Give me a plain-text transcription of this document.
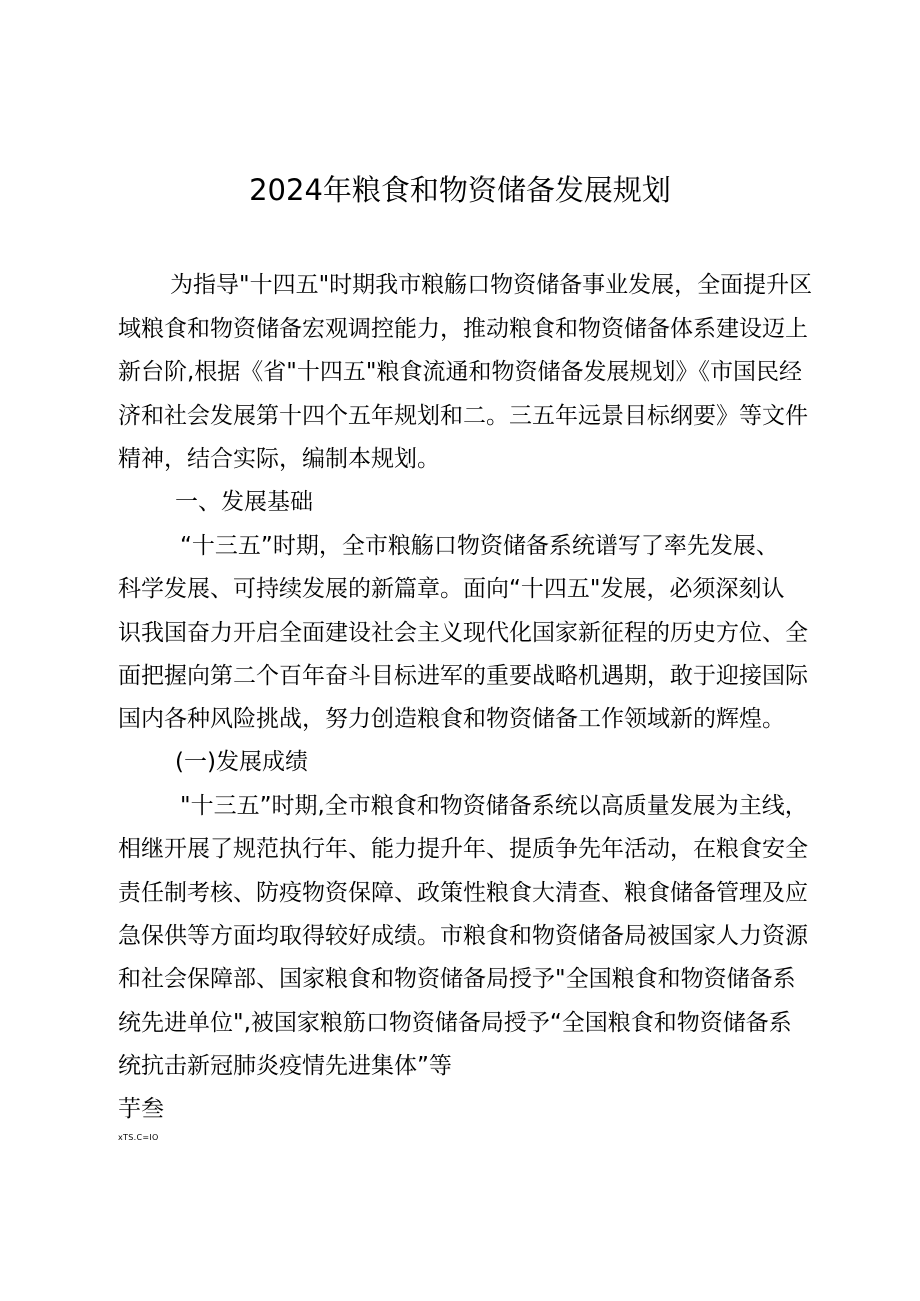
2024年粮食和物资储备发展规划
为指导"十四五"时期我市粮觞口物资储备事业发展，全面提升区
域粮食和物资储备宏观调控能力，推动粮食和物资储备体系建设迈上
新台阶,根据《省"十四五"粮食流通和物资储备发展规划》《市国民经
济和社会发展第十四个五年规划和二。三五年远景目标纲要》等文件
精神，结合实际，编制本规划。
一、发展基础
“十三五”时期，全市粮觞口物资储备系统谱写了率先发展、
科学发展、可持续发展的新篇章。面向“十四五"发展，必须深刻认
识我国奋力开启全面建设社会主义现代化国家新征程的历史方位、全
面把握向第二个百年奋斗目标进军的重要战略机遇期，敢于迎接国际
国内各种风险挑战，努力创造粮食和物资储备工作领域新的辉煌。
(一)发展成绩
"十三五”时期,全市粮食和物资储备系统以高质量发展为主线，
相继开展了规范执行年、能力提升年、提质争先年活动，在粮食安全
责任制考核、防疫物资保障、政策性粮食大清查、粮食储备管理及应
急保供等方面均取得较好成绩。市粮食和物资储备局被国家人力资源
和社会保障部、国家粮食和物资储备局授予"全国粮食和物资储备系
统先进单位",被国家粮筋口物资储备局授予“全国粮食和物资储备系
统抗击新冠肺炎疫情先进集体”等
芋叁
xTS.C=IO
